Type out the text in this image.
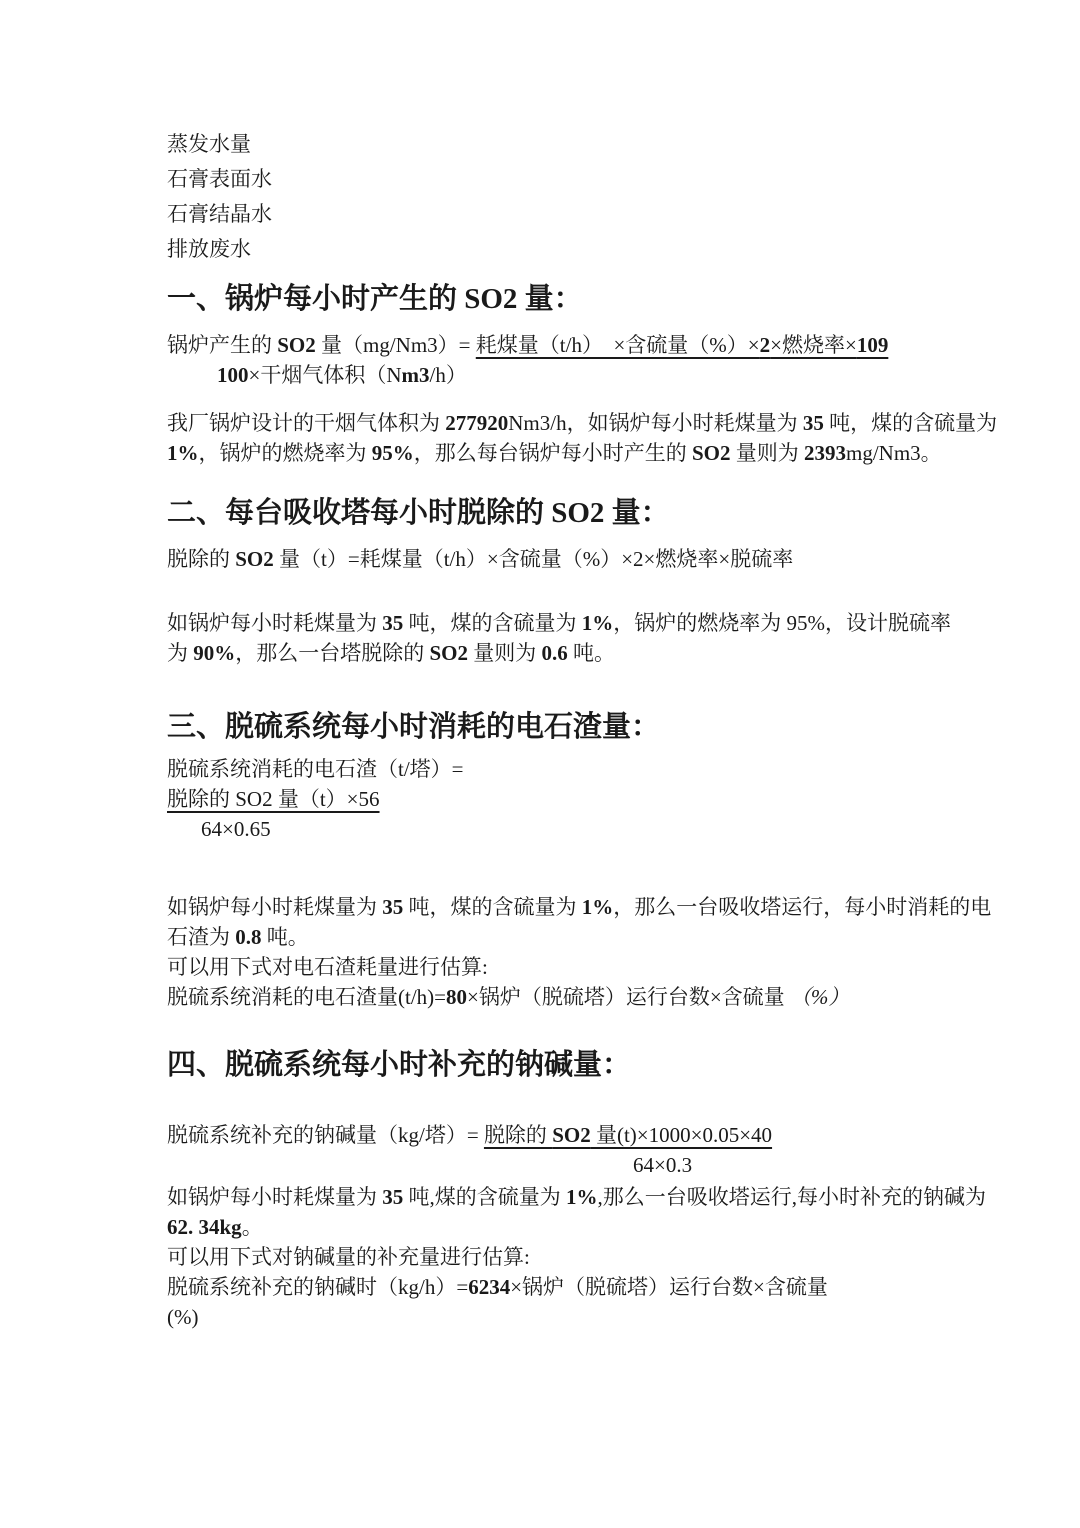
蒸发水量
石膏表面水
石膏结晶水
排放废水
一、锅炉每小时产生的 SO2 量：
锅炉产生的 SO2 量（mg/Nm3）= 耗煤量（t/h）  ×含硫量（%）×2×燃烧率×109
100×干烟气体积（Nm3/h）
我厂锅炉设计的干烟气体积为 277920Nm3/h，如锅炉每小时耗煤量为 35 吨，煤的含硫量为
1%，锅炉的燃烧率为 95%，那么每台锅炉每小时产生的 SO2 量则为 2393mg/Nm3。
二、每台吸收塔每小时脱除的 SO2 量：
脱除的 SO2 量（t）=耗煤量（t/h）×含硫量（%）×2×燃烧率×脱硫率
如锅炉每小时耗煤量为 35 吨，煤的含硫量为 1%，锅炉的燃烧率为 95%，设计脱硫率
为 90%，那么一台塔脱除的 SO2 量则为 0.6 吨。
三、脱硫系统每小时消耗的电石渣量：
脱硫系统消耗的电石渣（t/塔）=
脱除的 SO2 量（t）×56
64×0.65
如锅炉每小时耗煤量为 35 吨，煤的含硫量为 1%，那么一台吸收塔运行，每小时消耗的电
石渣为 0.8 吨。
可以用下式对电石渣耗量进行估算:
脱硫系统消耗的电石渣量(t/h)=80×锅炉（脱硫塔）运行台数×含硫量 （%）
四、脱硫系统每小时补充的钠碱量：
脱硫系统补充的钠碱量（kg/塔）= 脱除的 SO2 量(t)×1000×0.05×40
64×0.3
如锅炉每小时耗煤量为 35 吨,煤的含硫量为 1%,那么一台吸收塔运行,每小时补充的钠碱为
62. 34kg。
可以用下式对钠碱量的补充量进行估算:
脱硫系统补充的钠碱时（kg/h）=6234×锅炉（脱硫塔）运行台数×含硫量
(%)
